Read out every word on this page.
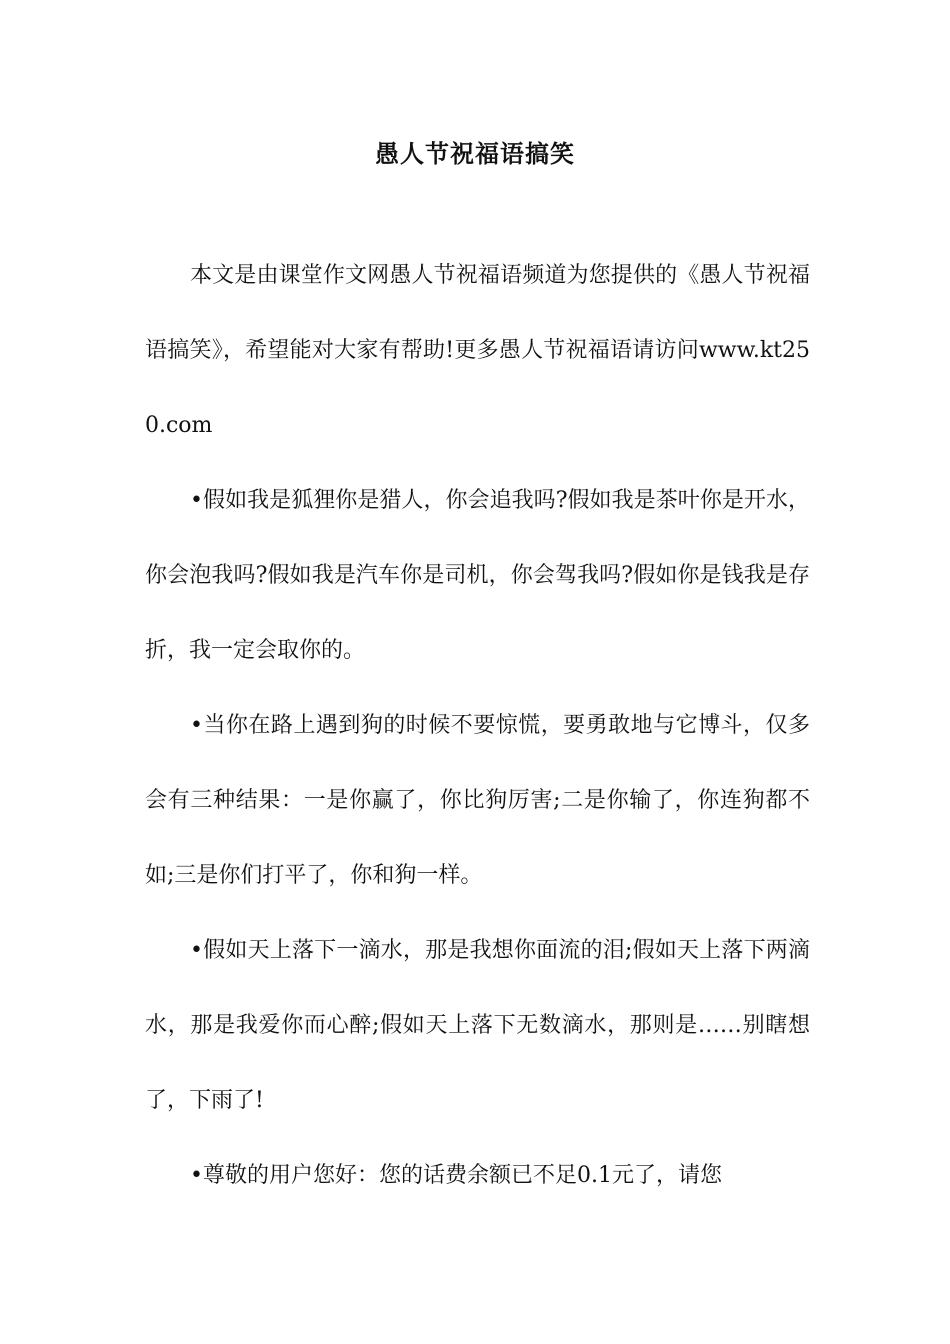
愚人节祝福语搞笑

本文是由课堂作文网愚人节祝福语频道为您提供的《愚人节祝福语搞笑》，希望能对大家有帮助!更多愚人节祝福语请访问www.kt250.com

•假如我是狐狸你是猎人，你会追我吗?假如我是茶叶你是开水，你会泡我吗?假如我是汽车你是司机，你会驾我吗?假如你是钱我是存折，我一定会取你的。

•当你在路上遇到狗的时候不要惊慌，要勇敢地与它博斗，仅多会有三种结果：一是你赢了，你比狗厉害;二是你输了，你连狗都不如;三是你们打平了，你和狗一样。

•假如天上落下一滴水，那是我想你面流的泪;假如天上落下两滴水，那是我爱你而心醉;假如天上落下无数滴水，那则是……别瞎想了，下雨了!

•尊敬的用户您好：您的话费余额已不足0.1元了，请您
